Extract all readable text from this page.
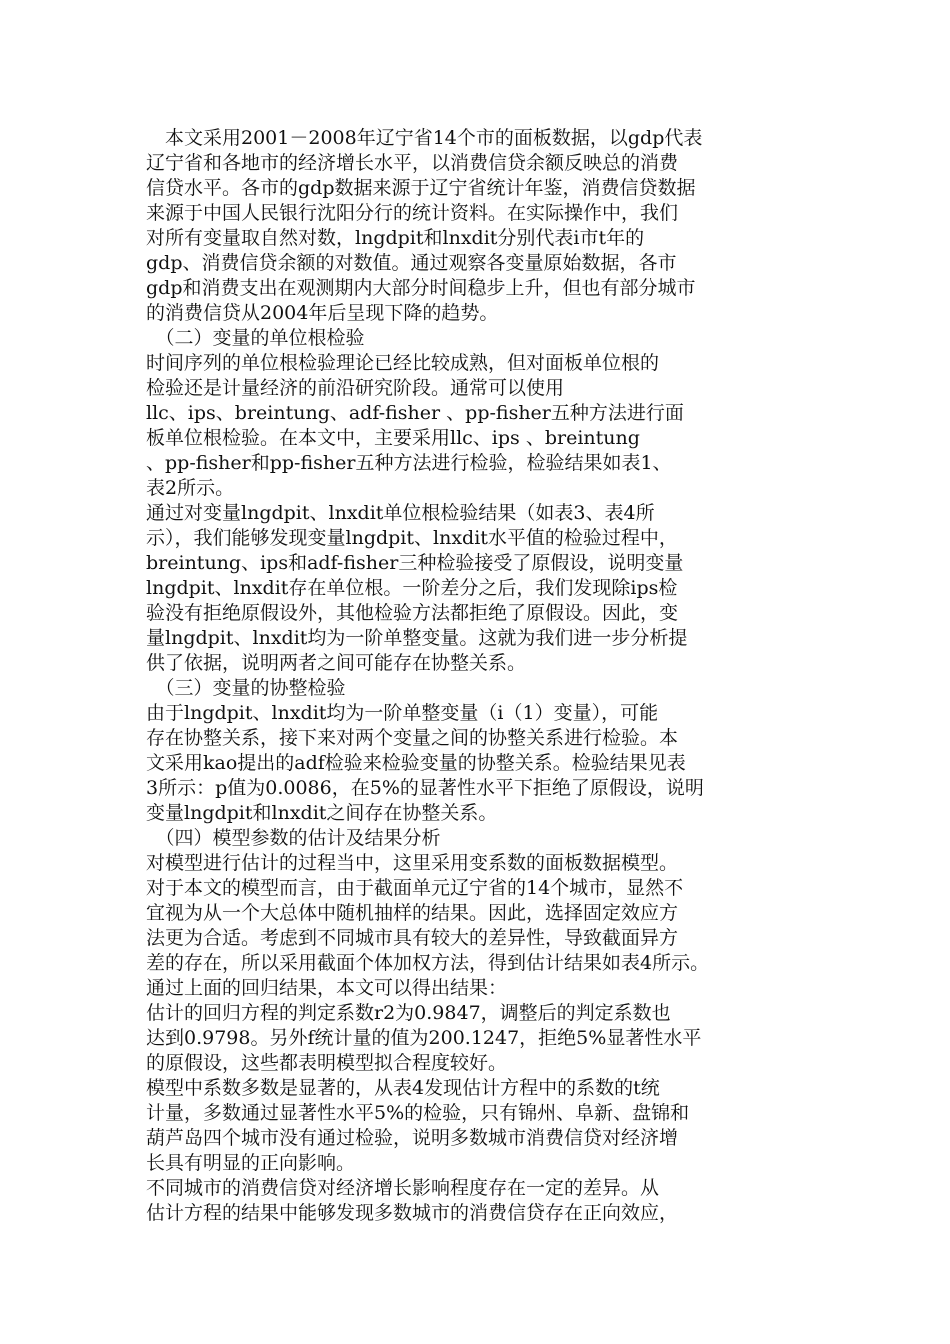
　本文采用2001－2008年辽宁省14个市的面板数据，以gdp代表
辽宁省和各地市的经济增长水平，以消费信贷余额反映总的消费
信贷水平。各市的gdp数据来源于辽宁省统计年鉴，消费信贷数据
来源于中国人民银行沈阳分行的统计资料。在实际操作中，我们
对所有变量取自然对数，lngdpit和lnxdit分别代表i市t年的
gdp、消费信贷余额的对数值。通过观察各变量原始数据，各市
gdp和消费支出在观测期内大部分时间稳步上升，但也有部分城市
的消费信贷从2004年后呈现下降的趋势。
　（二）变量的单位根检验
时间序列的单位根检验理论已经比较成熟，但对面板单位根的
检验还是计量经济的前沿研究阶段。通常可以使用
llc、ips、breintung、adf-fisher 、pp-fisher五种方法进行面
板单位根检验。在本文中，主要采用llc、ips 、breintung
、pp-fisher和pp-fisher五种方法进行检验，检验结果如表1、
表2所示。
通过对变量lngdpit、lnxdit单位根检验结果（如表3、表4所
示），我们能够发现变量lngdpit、lnxdit水平值的检验过程中，
breintung、ips和adf-fisher三种检验接受了原假设，说明变量
lngdpit、lnxdit存在单位根。一阶差分之后，我们发现除ips检
验没有拒绝原假设外，其他检验方法都拒绝了原假设。因此，变
量lngdpit、lnxdit均为一阶单整变量。这就为我们进一步分析提
供了依据，说明两者之间可能存在协整关系。
　（三）变量的协整检验
由于lngdpit、lnxdit均为一阶单整变量（i（1）变量），可能
存在协整关系，接下来对两个变量之间的协整关系进行检验。本
文采用kao提出的adf检验来检验变量的协整关系。检验结果见表
3所示：p值为0.0086，在5%的显著性水平下拒绝了原假设，说明
变量lngdpit和lnxdit之间存在协整关系。
　（四）模型参数的估计及结果分析
对模型进行估计的过程当中，这里采用变系数的面板数据模型。
对于本文的模型而言，由于截面单元辽宁省的14个城市，显然不
宜视为从一个大总体中随机抽样的结果。因此，选择固定效应方
法更为合适。考虑到不同城市具有较大的差异性，导致截面异方
差的存在，所以采用截面个体加权方法，得到估计结果如表4所示。
通过上面的回归结果，本文可以得出结果：
估计的回归方程的判定系数r2为0.9847，调整后的判定系数也
达到0.9798。另外f统计量的值为200.1247，拒绝5%显著性水平
的原假设，这些都表明模型拟合程度较好。
模型中系数多数是显著的，从表4发现估计方程中的系数的t统
计量，多数通过显著性水平5%的检验，只有锦州、阜新、盘锦和
葫芦岛四个城市没有通过检验，说明多数城市消费信贷对经济增
长具有明显的正向影响。
不同城市的消费信贷对经济增长影响程度存在一定的差异。从
估计方程的结果中能够发现多数城市的消费信贷存在正向效应，
